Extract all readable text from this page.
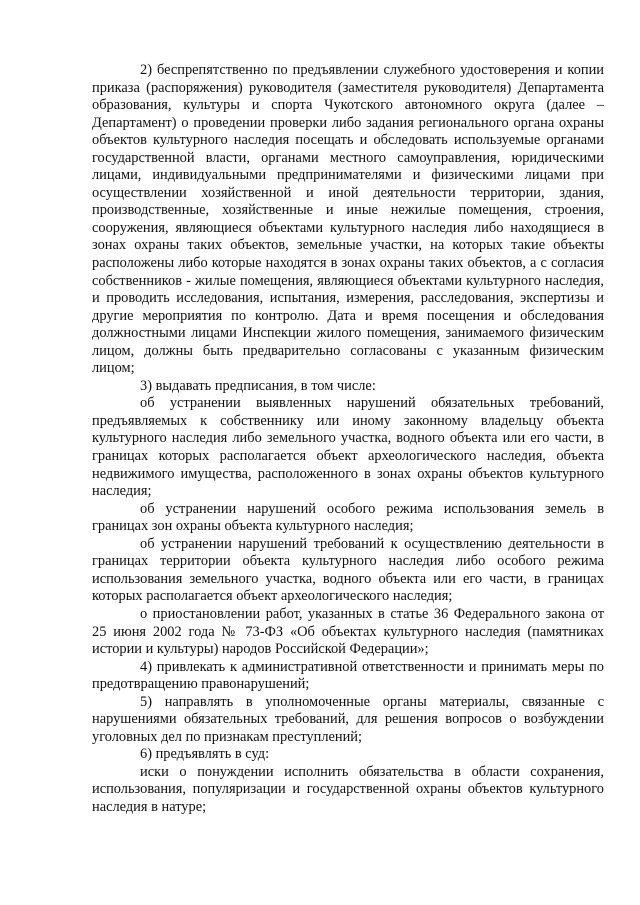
2) беспрепятственно по предъявлении служебного удостоверения и копии приказа (распоряжения) руководителя (заместителя руководителя) Департамента образования, культуры и спорта Чукотского автономного округа (далее – Департамент) о проведении проверки либо задания регионального органа охраны объектов культурного наследия посещать и обследовать используемые органами государственной власти, органами местного самоуправления, юридическими лицами, индивидуальными предпринимателями и физическими лицами при осуществлении хозяйственной и иной деятельности территории, здания, производственные, хозяйственные и иные нежилые помещения, строения, сооружения, являющиеся объектами культурного наследия либо находящиеся в зонах охраны таких объектов, земельные участки, на которых такие объекты расположены либо которые находятся в зонах охраны таких объектов, а с согласия собственников - жилые помещения, являющиеся объектами культурного наследия, и проводить исследования, испытания, измерения, расследования, экспертизы и другие мероприятия по контролю. Дата и время посещения и обследования должностными лицами Инспекции жилого помещения, занимаемого физическим лицом, должны быть предварительно согласованы с указанным физическим лицом;

3) выдавать предписания, в том числе:

об устранении выявленных нарушений обязательных требований, предъявляемых к собственнику или иному законному владельцу объекта культурного наследия либо земельного участка, водного объекта или его части, в границах которых располагается объект археологического наследия, объекта недвижимого имущества, расположенного в зонах охраны объектов культурного наследия;

об устранении нарушений особого режима использования земель в границах зон охраны объекта культурного наследия;

об устранении нарушений требований к осуществлению деятельности в границах территории объекта культурного наследия либо особого режима использования земельного участка, водного объекта или его части, в границах которых располагается объект археологического наследия;

о приостановлении работ, указанных в статье 36 Федерального закона от 25 июня 2002 года № 73-ФЗ «Об объектах культурного наследия (памятниках истории и культуры) народов Российской Федерации»;

4) привлекать к административной ответственности и принимать меры по предотвращению правонарушений;

5) направлять в уполномоченные органы материалы, связанные с нарушениями обязательных требований, для решения вопросов о возбуждении уголовных дел по признакам преступлений;

6) предъявлять в суд:

иски о понуждении исполнить обязательства в области сохранения, использования, популяризации и государственной охраны объектов культурного наследия в натуре;
